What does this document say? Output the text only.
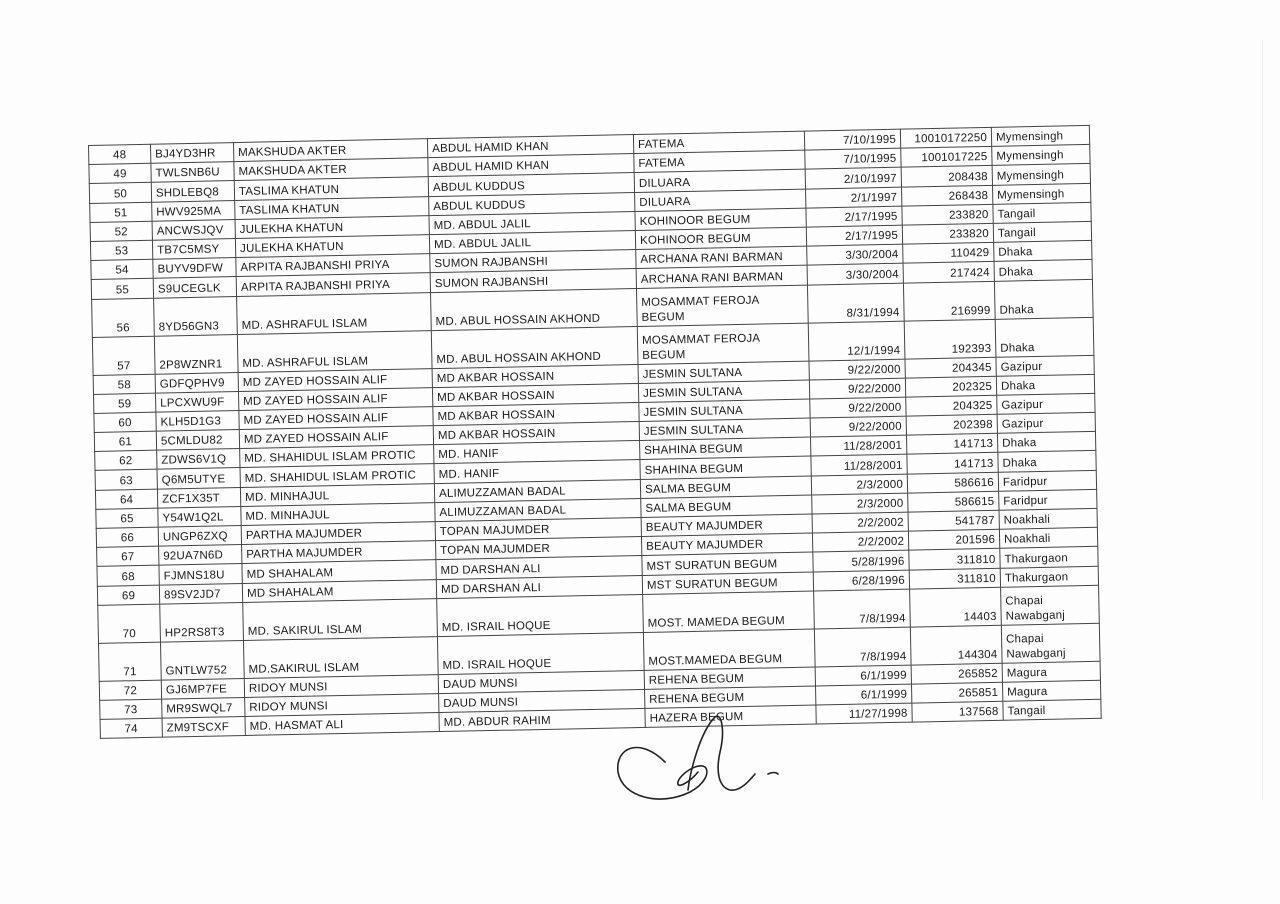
48	BJ4YD3HR	MAKSHUDA AKTER	ABDUL HAMID KHAN	FATEMA	7/10/1995	10010172250	Mymensingh
49	TWLSNB6U	MAKSHUDA AKTER	ABDUL HAMID KHAN	FATEMA	7/10/1995	1001017225	Mymensingh
50	SHDLEBQ8	TASLIMA KHATUN	ABDUL KUDDUS	DILUARA	2/10/1997	208438	Mymensingh
51	HWV925MA	TASLIMA KHATUN	ABDUL KUDDUS	DILUARA	2/1/1997	268438	Mymensingh
52	ANCWSJQV	JULEKHA KHATUN	MD. ABDUL JALIL	KOHINOOR BEGUM	2/17/1995	233820	Tangail
53	TB7C5MSY	JULEKHA KHATUN	MD. ABDUL JALIL	KOHINOOR BEGUM	2/17/1995	233820	Tangail
54	BUYV9DFW	ARPITA RAJBANSHI PRIYA	SUMON RAJBANSHI	ARCHANA RANI BARMAN	3/30/2004	110429	Dhaka
55	S9UCEGLK	ARPITA RAJBANSHI PRIYA	SUMON RAJBANSHI	ARCHANA RANI BARMAN	3/30/2004	217424	Dhaka
56	8YD56GN3	MD. ASHRAFUL ISLAM	MD. ABUL HOSSAIN AKHOND	MOSAMMAT FEROJA BEGUM	8/31/1994	216999	Dhaka
57	2P8WZNR1	MD. ASHRAFUL ISLAM	MD. ABUL HOSSAIN AKHOND	MOSAMMAT FEROJA BEGUM	12/1/1994	192393	Dhaka
58	GDFQPHV9	MD ZAYED HOSSAIN ALIF	MD AKBAR HOSSAIN	JESMIN SULTANA	9/22/2000	204345	Gazipur
59	LPCXWU9F	MD ZAYED HOSSAIN ALIF	MD AKBAR HOSSAIN	JESMIN SULTANA	9/22/2000	202325	Dhaka
60	KLH5D1G3	MD ZAYED HOSSAIN ALIF	MD AKBAR HOSSAIN	JESMIN SULTANA	9/22/2000	204325	Gazipur
61	5CMLDU82	MD ZAYED HOSSAIN ALIF	MD AKBAR HOSSAIN	JESMIN SULTANA	9/22/2000	202398	Gazipur
62	ZDWS6V1Q	MD. SHAHIDUL ISLAM PROTIC	MD. HANIF	SHAHINA BEGUM	11/28/2001	141713	Dhaka
63	Q6M5UTYE	MD. SHAHIDUL ISLAM PROTIC	MD. HANIF	SHAHINA BEGUM	11/28/2001	141713	Dhaka
64	ZCF1X35T	MD. MINHAJUL	ALIMUZZAMAN BADAL	SALMA BEGUM	2/3/2000	586616	Faridpur
65	Y54W1Q2L	MD. MINHAJUL	ALIMUZZAMAN BADAL	SALMA BEGUM	2/3/2000	586615	Faridpur
66	UNGP6ZXQ	PARTHA MAJUMDER	TOPAN MAJUMDER	BEAUTY MAJUMDER	2/2/2002	541787	Noakhali
67	92UA7N6D	PARTHA MAJUMDER	TOPAN MAJUMDER	BEAUTY MAJUMDER	2/2/2002	201596	Noakhali
68	FJMNS18U	MD SHAHALAM	MD DARSHAN ALI	MST SURATUN BEGUM	5/28/1996	311810	Thakurgaon
69	89SV2JD7	MD SHAHALAM	MD DARSHAN ALI	MST SURATUN BEGUM	6/28/1996	311810	Thakurgaon
70	HP2RS8T3	MD. SAKIRUL ISLAM	MD. ISRAIL HOQUE	MOST. MAMEDA BEGUM	7/8/1994	14403	Chapai Nawabganj
71	GNTLW752	MD.SAKIRUL ISLAM	MD. ISRAIL HOQUE	MOST.MAMEDA BEGUM	7/8/1994	144304	Chapai Nawabganj
72	GJ6MP7FE	RIDOY MUNSI	DAUD MUNSI	REHENA BEGUM	6/1/1999	265852	Magura
73	MR9SWQL7	RIDOY MUNSI	DAUD MUNSI	REHENA BEGUM	6/1/1999	265851	Magura
74	ZM9TSCXF	MD. HASMAT ALI	MD. ABDUR RAHIM	HAZERA BEGUM	11/27/1998	137568	Tangail
